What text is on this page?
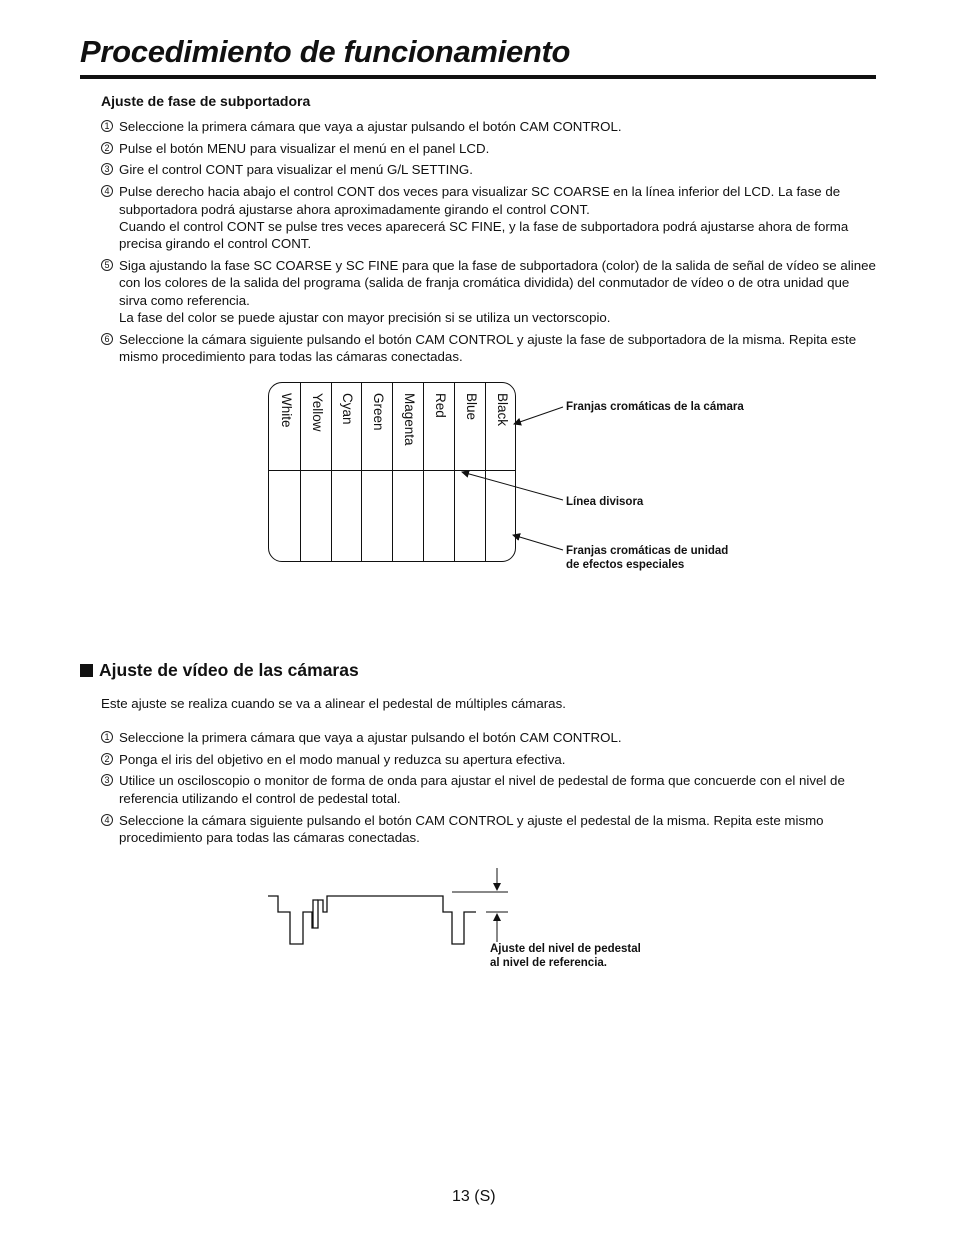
Procedimiento de funcionamiento
Ajuste de fase de subportadora
1 Seleccione la primera cámara que vaya a ajustar pulsando el botón CAM CONTROL.
2 Pulse el botón MENU para visualizar el menú en el panel LCD.
3 Gire el control CONT para visualizar el menú G/L SETTING.
4 Pulse derecho hacia abajo el control CONT dos veces para visualizar SC COARSE en la línea inferior del LCD. La fase de subportadora podrá ajustarse ahora aproximadamente girando el control CONT.
Cuando el control CONT se pulse tres veces aparecerá SC FINE, y la fase de subportadora podrá ajustarse ahora de forma precisa girando el control CONT.
5 Siga ajustando la fase SC COARSE y SC FINE para que la fase de subportadora (color) de la salida de señal de vídeo se alinee con los colores de la salida del programa (salida de franja cromática dividida) del conmutador de vídeo o de otra unidad que sirva como referencia.
La fase del color se puede ajustar con mayor precisión si se utiliza un vectorscopio.
6 Seleccione la cámara siguiente pulsando el botón CAM CONTROL y ajuste la fase de subportadora de la misma. Repita este mismo procedimiento para todas las cámaras conectadas.
White	Yellow	Cyan	Green	Magenta	Red	Blue	Black	Franjas cromáticas de la cámara
Línea divisora
Franjas cromáticas de unidad
de efectos especiales
Ajuste de vídeo de las cámaras
Este ajuste se realiza cuando se va a alinear el pedestal de múltiples cámaras.
1 Seleccione la primera cámara que vaya a ajustar pulsando el botón CAM CONTROL.
2 Ponga el iris del objetivo en el modo manual y reduzca su apertura efectiva.
3 Utilice un osciloscopio o monitor de forma de onda para ajustar el nivel de pedestal de forma que concuerde con el nivel de referencia utilizando el control de pedestal total.
4 Seleccione la cámara siguiente pulsando el botón CAM CONTROL y ajuste el pedestal de la misma. Repita este mismo procedimiento para todas las cámaras conectadas.
Ajuste del nivel de pedestal
al nivel de referencia.
13 (S)
